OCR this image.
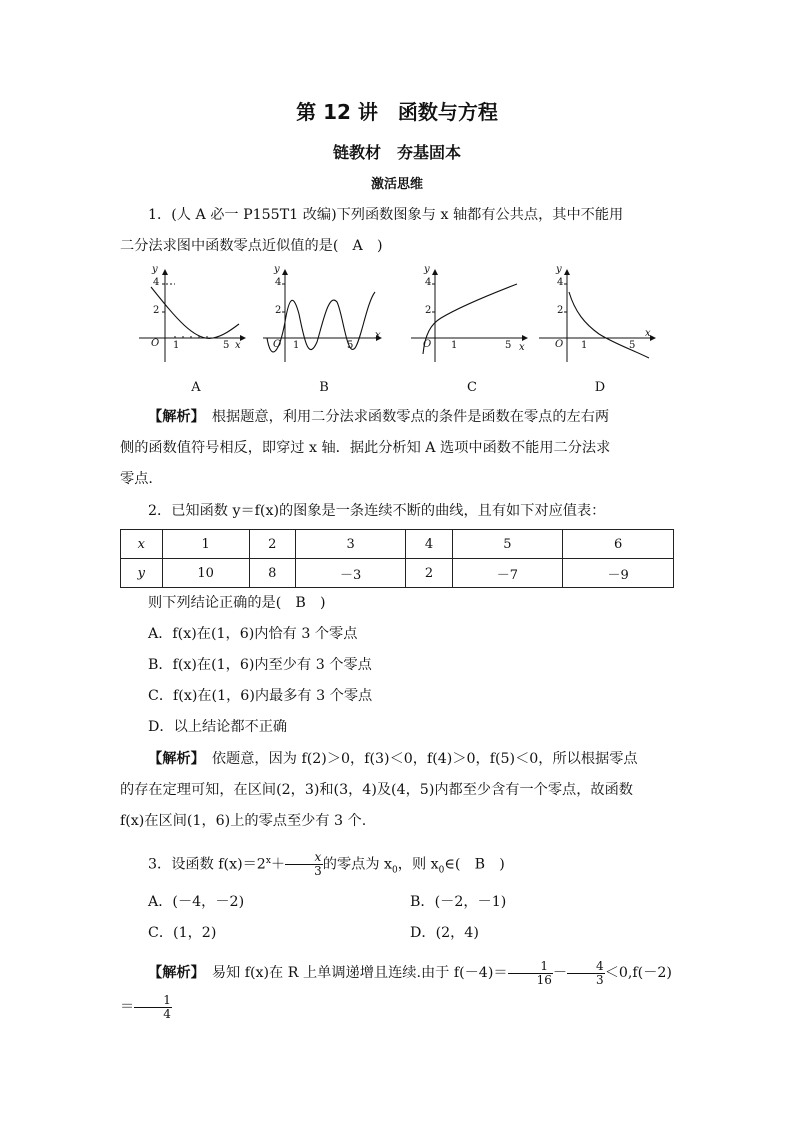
第 12 讲　函数与方程
链教材　夯基固本
激活思维
1．(人 A 必一 P155T1 改编)下列函数图象与 x 轴都有公共点，其中不能用
二分法求图中函数零点近似值的是(　A　)
y
4
2
O 1	5 x
A
y
4
2
O 1	5
x
B
y
4
2
O 1	5 x
C
y
4
2
O 1	5
x
D
【解析】　根据题意，利用二分法求函数零点的条件是函数在零点的左右两
侧的函数值符号相反，即穿过 x 轴．据此分析知 A 选项中函数不能用二分法求
零点.
2．已知函数 y＝f(x)的图象是一条连续不断的曲线，且有如下对应值表：
x	1	2	3	4	5	6
y	10	8	－3	2	－7	－9
则下列结论正确的是(　B　)
A．f(x)在(1，6)内恰有 3 个零点
B．f(x)在(1，6)内至少有 3 个零点
C．f(x)在(1，6)内最多有 3 个零点
D．以上结论都不正确
【解析】　依题意，因为 f(2)＞0，f(3)＜0，f(4)＞0，f(5)＜0，所以根据零点
的存在定理可知，在区间(2，3)和(3，4)及(4，5)内都至少含有一个零点，故函数
f(x)在区间(1，6)上的零点至少有 3 个.
3．设函数 $f(x)=2^x+ \frac{x}{3}$ 的零点为 $x_0$，则 $x_0\in$(　B　)
A．(－4，－2)	B．(－2，－1)
C．(1，2)	D．(2，4)
【解析】　易知 f(x)在 R 上单调递增且连续.由于 $f(-4)= \frac{1}{16} - \frac{4}{3} <0,f(-2)= \frac{1}{4}$
